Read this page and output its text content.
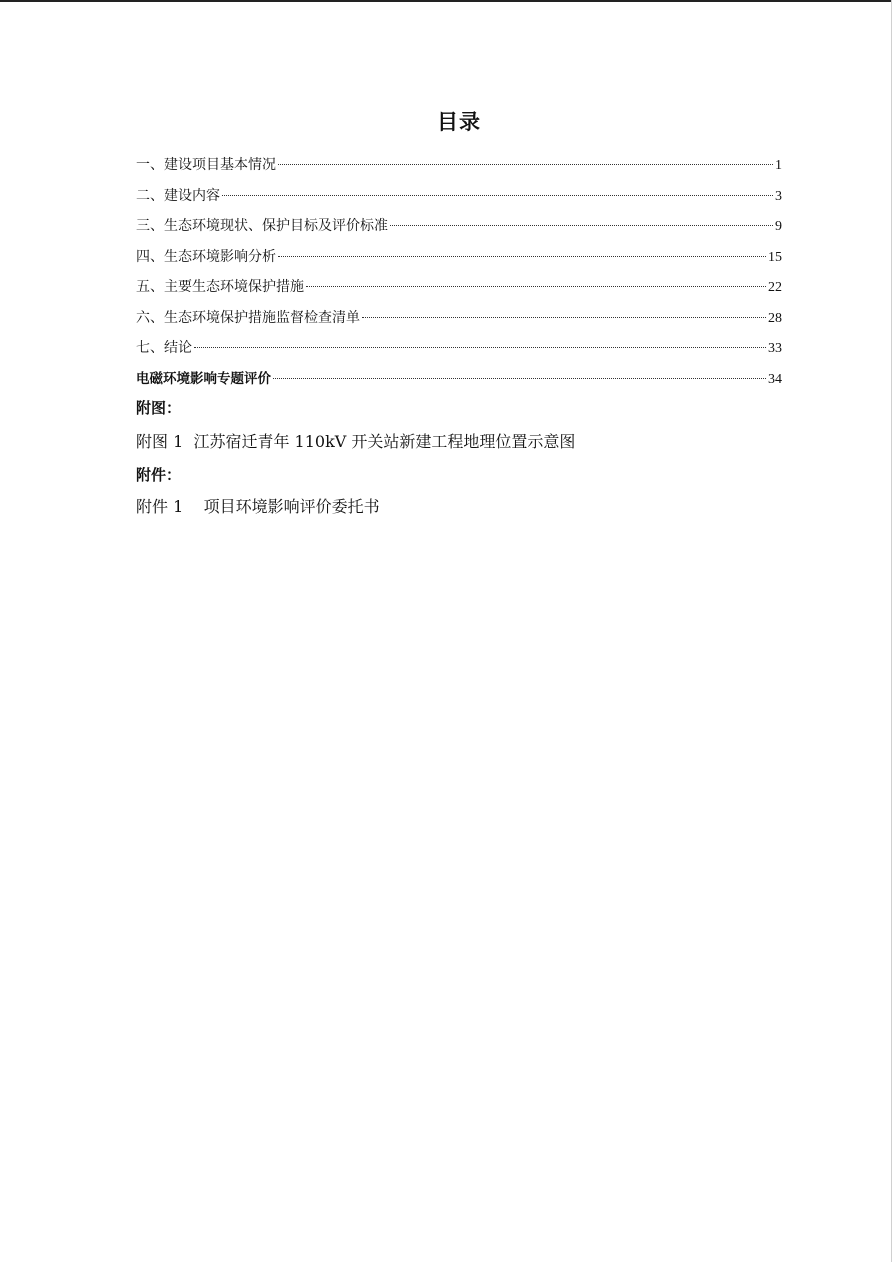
目录
一、建设项目基本情况	1
二、建设内容	3
三、生态环境现状、保护目标及评价标准	9
四、生态环境影响分析	15
五、主要生态环境保护措施	22
六、生态环境保护措施监督检查清单	28
七、结论	33
电磁环境影响专题评价	34
附图：
附图 1  江苏宿迁青年 110kV 开关站新建工程地理位置示意图
附件：
附件 1    项目环境影响评价委托书
